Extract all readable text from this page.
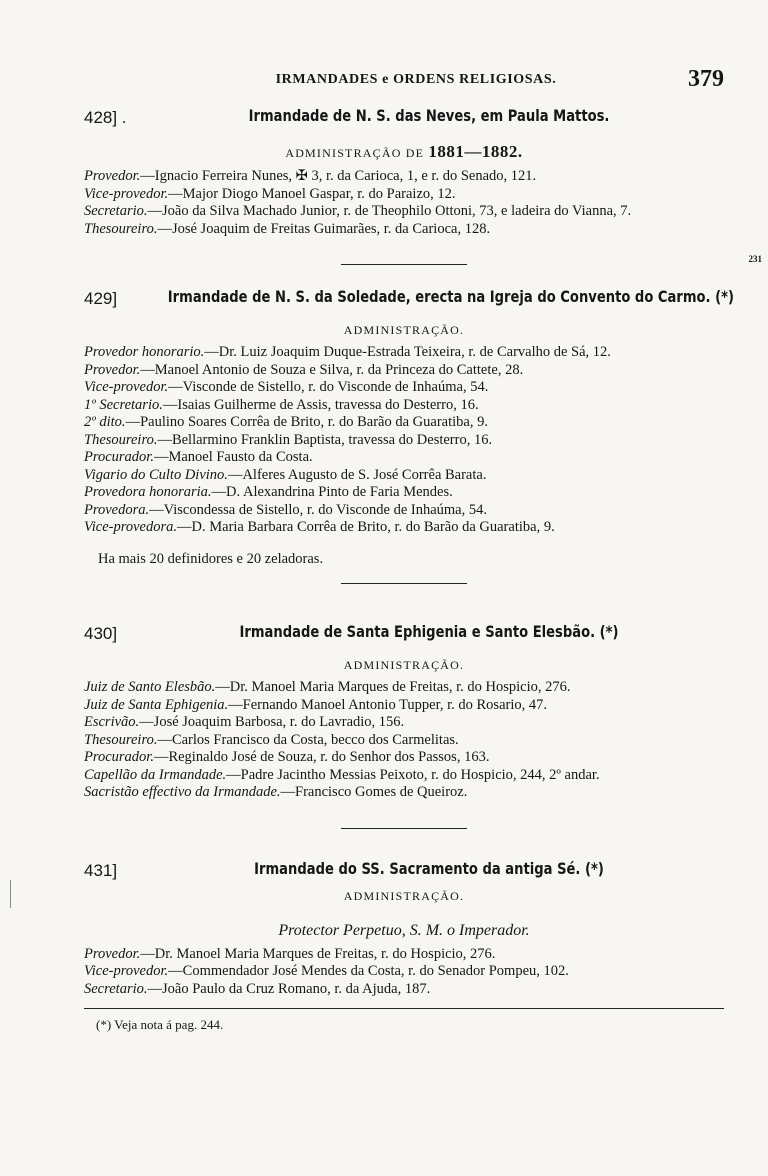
231
IRMANDADES e ORDENS RELIGIOSAS.	379
428] .	Irmandade de N. S. das Neves, em Paula Mattos.
ADMINISTRAÇÃO DE 1881—1882.

Provedor.—Ignacio Ferreira Nunes, ✠ 3, r. da Carioca, 1, e r. do Senado, 121.

Vice-provedor.—Major Diogo Manoel Gaspar, r. do Paraizo, 12.

Secretario.—João da Silva Machado Junior, r. de Theophilo Ottoni, 73, e ladeira do Vianna, 7.

Thesoureiro.—José Joaquim de Freitas Guimarães, r. da Carioca, 128.

429]	Irmandade de N. S. da Soledade, erecta na Igreja do Convento do Carmo. (*)
ADMINISTRAÇÃO.

Provedor honorario.—Dr. Luiz Joaquim Duque-Estrada Teixeira, r. de Carvalho de Sá, 12.

Provedor.—Manoel Antonio de Souza e Silva, r. da Princeza do Cattete, 28.

Vice-provedor.—Visconde de Sistello, r. do Visconde de Inhaúma, 54.

1º Secretario.—Isaias Guilherme de Assis, travessa do Desterro, 16.

2º dito.—Paulino Soares Corrêa de Brito, r. do Barão da Guaratiba, 9.

Thesoureiro.—Bellarmino Franklin Baptista, travessa do Desterro, 16.

Procurador.—Manoel Fausto da Costa.

Vigario do Culto Divino.—Alferes Augusto de S. José Corrêa Barata.

Provedora honoraria.—D. Alexandrina Pinto de Faria Mendes.

Provedora.—Viscondessa de Sistello, r. do Visconde de Inhaúma, 54.

Vice-provedora.—D. Maria Barbara Corrêa de Brito, r. do Barão da Guaratiba, 9.

Ha mais 20 definidores e 20 zeladoras.

430]	Irmandade de Santa Ephigenia e Santo Elesbão. (*)
ADMINISTRAÇÃO.

Juiz de Santo Elesbão.—Dr. Manoel Maria Marques de Freitas, r. do Hospicio, 276.

Juiz de Santa Ephigenia.—Fernando Manoel Antonio Tupper, r. do Rosario, 47.

Escrivão.—José Joaquim Barbosa, r. do Lavradio, 156.

Thesoureiro.—Carlos Francisco da Costa, becco dos Carmelitas.

Procurador.—Reginaldo José de Souza, r. do Senhor dos Passos, 163.

Capellão da Irmandade.—Padre Jacintho Messias Peixoto, r. do Hospicio, 244, 2º andar.

Sacristão effectivo da Irmandade.—Francisco Gomes de Queiroz.

431]	Irmandade do SS. Sacramento da antiga Sé. (*)
ADMINISTRAÇÃO.
Protector Perpetuo, S. M. o Imperador.

Provedor.—Dr. Manoel Maria Marques de Freitas, r. do Hospicio, 276.

Vice-provedor.—Commendador José Mendes da Costa, r. do Senador Pompeu, 102.

Secretario.—João Paulo da Cruz Romano, r. da Ajuda, 187.

(*) Veja nota á pag. 244.
